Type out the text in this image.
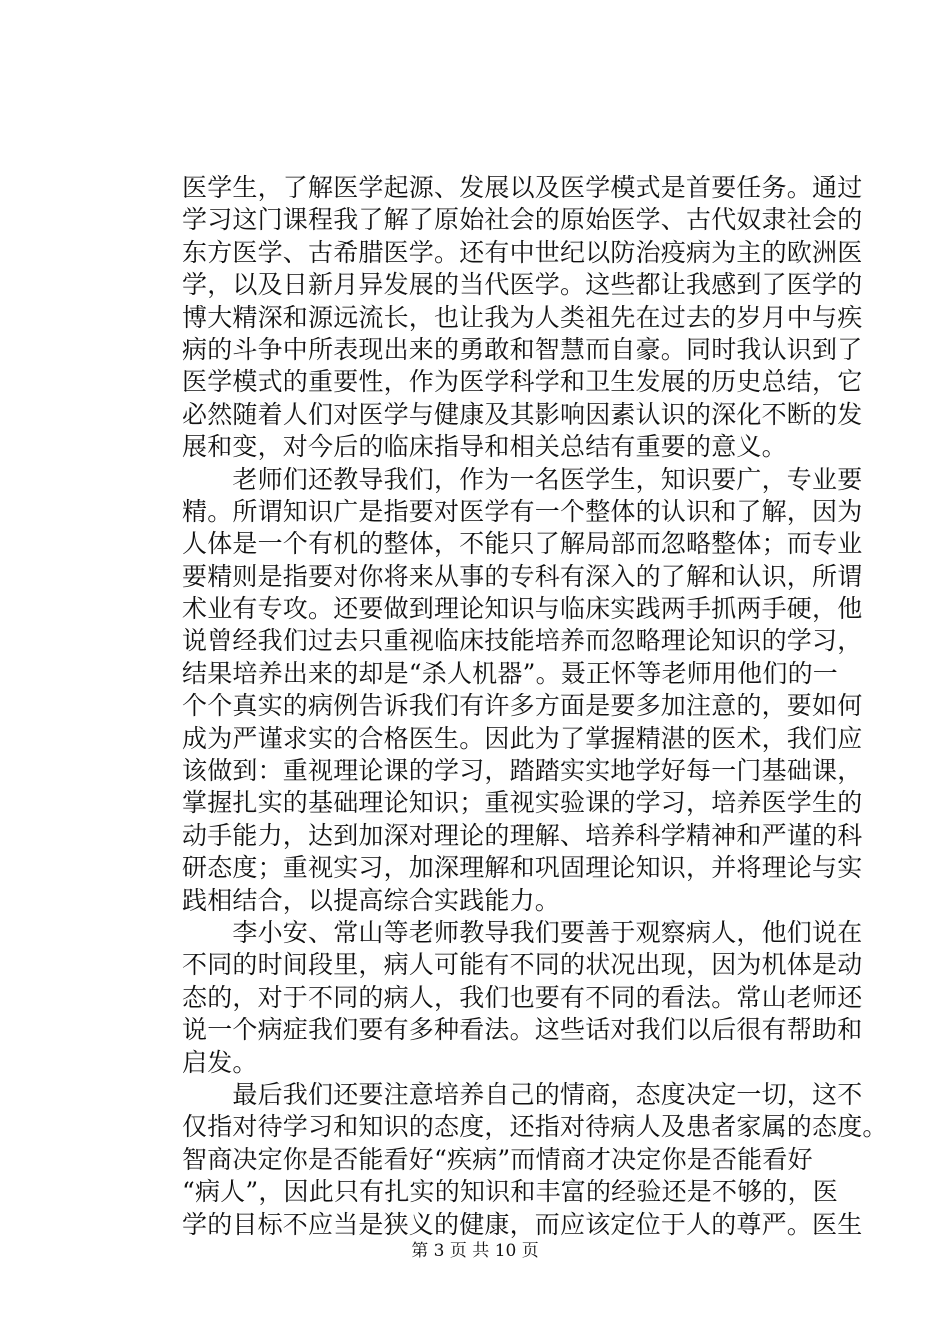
医学生，了解医学起源、发展以及医学模式是首要任务。通过
学习这门课程我了解了原始社会的原始医学、古代奴隶社会的
东方医学、古希腊医学。还有中世纪以防治疫病为主的欧洲医
学，以及日新月异发展的当代医学。这些都让我感到了医学的
博大精深和源远流长，也让我为人类祖先在过去的岁月中与疾
病的斗争中所表现出来的勇敢和智慧而自豪。同时我认识到了
医学模式的重要性，作为医学科学和卫生发展的历史总结，它
必然随着人们对医学与健康及其影响因素认识的深化不断的发
展和变，对今后的临床指导和相关总结有重要的意义。
　　老师们还教导我们，作为一名医学生，知识要广，专业要
精。所谓知识广是指要对医学有一个整体的认识和了解，因为
人体是一个有机的整体，不能只了解局部而忽略整体；而专业
要精则是指要对你将来从事的专科有深入的了解和认识，所谓
术业有专攻。还要做到理论知识与临床实践两手抓两手硬，他
说曾经我们过去只重视临床技能培养而忽略理论知识的学习，
结果培养出来的却是“杀人机器”。聂正怀等老师用他们的一
个个真实的病例告诉我们有许多方面是要多加注意的，要如何
成为严谨求实的合格医生。因此为了掌握精湛的医术，我们应
该做到：重视理论课的学习，踏踏实实地学好每一门基础课，
掌握扎实的基础理论知识；重视实验课的学习，培养医学生的
动手能力，达到加深对理论的理解、培养科学精神和严谨的科
研态度；重视实习，加深理解和巩固理论知识，并将理论与实
践相结合，以提高综合实践能力。
　　李小安、常山等老师教导我们要善于观察病人，他们说在
不同的时间段里，病人可能有不同的状况出现，因为机体是动
态的，对于不同的病人，我们也要有不同的看法。常山老师还
说一个病症我们要有多种看法。这些话对我们以后很有帮助和
启发。
　　最后我们还要注意培养自己的情商，态度决定一切，这不
仅指对待学习和知识的态度，还指对待病人及患者家属的态度。
智商决定你是否能看好“疾病”而情商才决定你是否能看好
“病人”，因此只有扎实的知识和丰富的经验还是不够的，医
学的目标不应当是狭义的健康，而应该定位于人的尊严。医生
第 3 页 共 10 页
